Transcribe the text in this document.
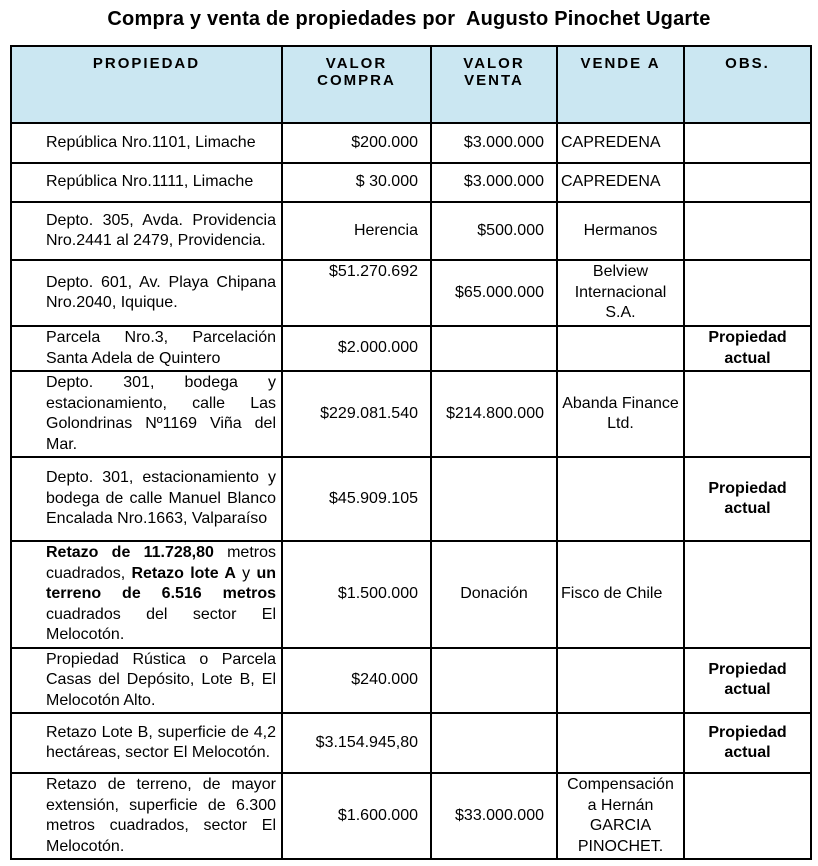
Compra y venta de propiedades por  Augusto Pinochet Ugarte
PROPIEDAD	VALOR COMPRA	VALOR VENTA	VENDE A	OBS.
República Nro.1101, Limache	$200.000	$3.000.000	CAPREDENA	
República Nro.1111, Limache	$ 30.000	$3.000.000	CAPREDENA	
Depto. 305, Avda. Providencia Nro.2441 al 2479, Providencia.	Herencia	$500.000	Hermanos	
Depto. 601, Av. Playa Chipana Nro.2040, Iquique.	$51.270.692	$65.000.000	Belview Internacional S.A.	
Parcela Nro.3, Parcelación Santa Adela de Quintero	$2.000.000			Propiedad actual
Depto. 301, bodega y estacionamiento, calle Las Golondrinas Nº1169 Viña del Mar.	$229.081.540	$214.800.000	Abanda Finance Ltd.	
Depto. 301, estacionamiento y bodega de calle Manuel Blanco Encalada Nro.1663, Valparaíso	$45.909.105			Propiedad actual
Retazo de 11.728,80 metros cuadrados, Retazo lote A y un terreno de 6.516 metros cuadrados del sector El Melocotón.	$1.500.000	Donación	Fisco de Chile	
Propiedad Rústica o Parcela Casas del Depósito, Lote B, El Melocotón Alto.	$240.000			Propiedad actual
Retazo Lote B, superficie de 4,2 hectáreas, sector El Melocotón.	$3.154.945,80			Propiedad actual
Retazo de terreno, de mayor extensión, superficie de 6.300 metros cuadrados, sector El Melocotón.	$1.600.000	$33.000.000	Compensación a Hernán GARCIA PINOCHET.	
